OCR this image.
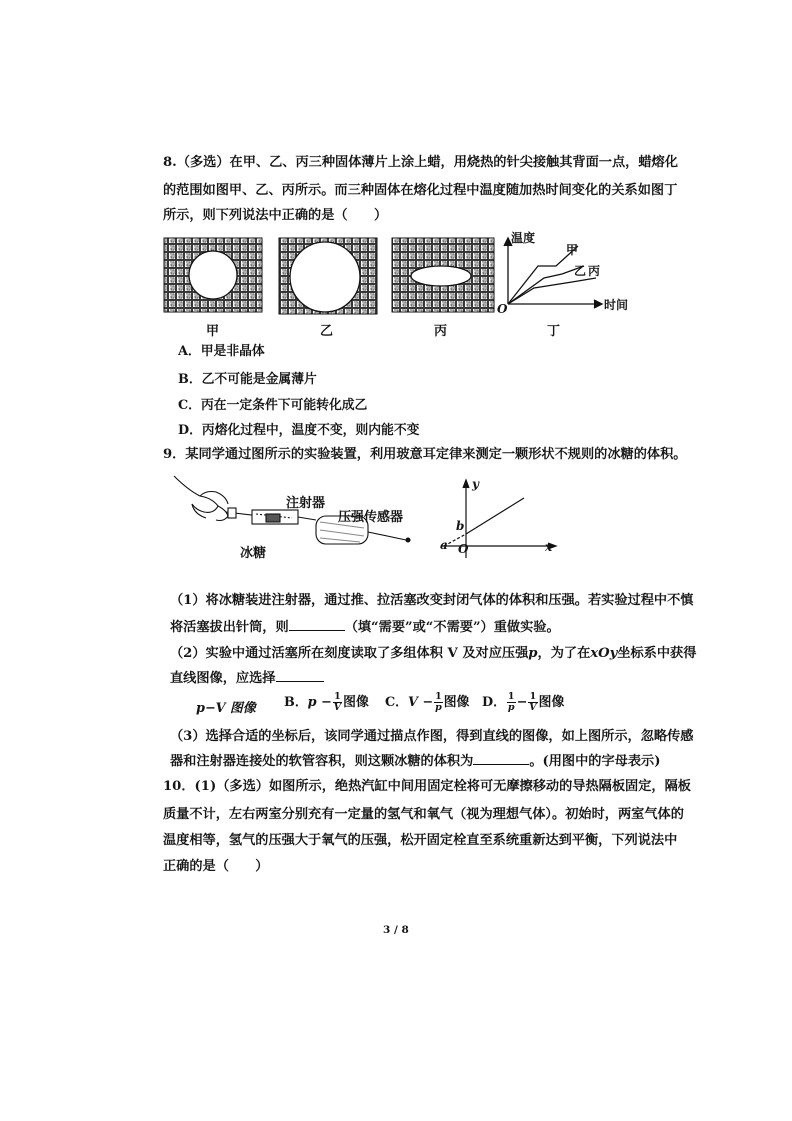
8.（多选）在甲、乙、丙三种固体薄片上涂上蜡，用烧热的针尖接触其背面一点，蜡熔化
的范围如图甲、乙、丙所示。而三种固体在熔化过程中温度随加热时间变化的关系如图丁
所示，则下列说法中正确的是（　　）
温度
甲
乙 丙
O	时间
甲	乙	丙	丁
A．甲是非晶体
B．乙不可能是金属薄片
C．丙在一定条件下可能转化成乙
D．丙熔化过程中，温度不变，则内能不变
9．某同学通过图所示的实验装置，利用玻意耳定律来测定一颗形状不规则的冰糖的体积。
注射器
压强传感器
冰糖
y
b
a O	x
（1）将冰糖装进注射器，通过推、拉活塞改变封闭气体的体积和压强。若实验过程中不慎
将活塞拔出针筒，则	（填“需要”或“不需要”）重做实验。
（2）实验中通过活塞所在刻度读取了多组体积 V 及对应压强p，为了在xOy坐标系中获得
直线图像，应选择
p−V 图像 B．$p - \frac{1}{V}$ 图像 C．$V - \frac{1}{p}$ 图像 D． $\frac{1}{p} - \frac{1}{V}$ 图像
（3）选择合适的坐标后，该同学通过描点作图，得到直线的图像，如上图所示，忽略传感
器和注射器连接处的软管容积，则这颗冰糖的体积为	。(用图中的字母表示)
10．(1)（多选）如图所示，绝热汽缸中间用固定栓将可无摩擦移动的导热隔板固定，隔板
质量不计，左右两室分别充有一定量的氢气和氧气（视为理想气体）。初始时，两室气体的
温度相等，氢气的压强大于氧气的压强，松开固定栓直至系统重新达到平衡，下列说法中
正确的是（　　）
3 / 8
